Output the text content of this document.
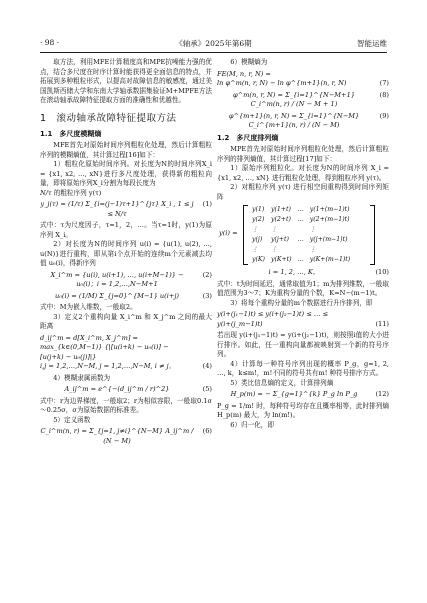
· 98 ·	《轴承》2025年第6期	智能运维

取方法，利用MFE计算精度高和MPE抗噪能力强的优点，结合多尺度在时序计算时能获得更全面信息的特点，并拓展到多种粗粒形式，以提高对故障信息的敏感度，通过美国凯斯西储大学和东南大学轴承数据集验证M+MPFE方法在滚动轴承故障特征提取方面的准确性和优越性。

1　滚动轴承故障特征提取方法
1.1　多尺度模糊熵

MFE首先对原始时间序列粗粒化处理，然后计算粗粒序列的模糊熵值，其计算过程[16]如下：

1）粗粒化原始时间序列。对长度为N的时间序列X_i = {x1, x2, …, xN}进行多尺度处理，获得新的粗粒向量，即将原始序列X_i分割为每段长度为

N/τ 的粗粒序列 y(τ)

y_j(τ) = (1/τ) Σ_{i=(j−1)τ+1}^{jτ} X_i , 1 ≤ j ≤ N/τ
(1)

式中：τ为尺度因子，τ=1，2，…。当τ=1时，y(1)为原序列 X_i。

2）对长度为N的时间序列 u(i) = {u(1), u(2), …, u(N)}进行重构，即从第i个点开始的连续m个元素减去均值 u₀(i)，得新序列

X_i^m = {u(i), u(i+1), …, u(i+M−1)} − u₀(i)；i = 1,2,…,N−M+1
(2)
u₀(i) = (1/M) Σ_{j=0}^{M−1} u(i+j)	(3)

式中：M为嵌入维数，一般取2。

3）定义2个重构向量 X_i^m 和 X_j^m 之间的最大距离

d_ij^m = d[X_i^m, X_j^m] =
max_{k∈(0,M−1)} {|[u(i+k) − u₀(i)] − [u(j+k) − u₀(j)]|}
i,j = 1,2,…,N−M, j = 1,2,…,N−M, i ≠ j。	(4)

4）模糊隶属函数为

A_ij^m = e^{−(d_ij^m / r)^2}	(5)

式中：r为边界梯度，一般取2；r为相似容限，一般取0.1σ～0.25σ，σ为原始数据的标准差。

5）定义函数

C_i^m(n, r) = Σ_{j=1, j≠i}^{N−M} A_ij^m / (N − M)
(6)

6）模糊熵为

FE(M, n, r, N) =
ln φ^m(n, r, N) − ln φ^{m+1}(n, r, N)	(7)
φ^m(n, r, N) = Σ_{i=1}^{N−M+1} C_i^m(n, r) / (N − M + 1)
(8)
φ^{m+1}(n, r, N) = Σ_{i=1}^{N−M} C_i^{m+1}(n, r) / (N − M)
(9)
1.2　多尺度排列熵

MPE首先对原始时间序列粗粒化处理，然后计算粗粒序列的排列熵值，其计算过程[17]如下：

1）原始序列粗粒化。对长度为N的时间序列 X_i = {x1, x2, …, xN} 进行粗粒化处理，得到粗粒序列 y(τ)。

2）对粗粒序列 y(τ) 进行相空间重构得到时间序列矩阵

y(i) =
y(1)	y(1+t)	…	y(1+(m−1)t)
y(2)	y(2+t)	…	y(2+(m−1)t)
⋮	⋮		⋮
y(j)	y(j+t)	…	y(j+(m−1)t)
⋮	⋮		⋮
y(K)	y(K+t)	…	y(K+(m−1)t)
i = 1, 2, …, K，	(10)

式中：t为时间延迟，通常取值为1；m为排列维数，一般取值范围为3～7；K为重构分量的个数，K=N−(m−1)t。

3）将每个重构分量的m个数据进行升序排列，即

y(i+(j₁−1)t) ≤ y(i+(j₂−1)t) ≤ … ≤
y(i+(j_m−1)t)	(11)

若出现 y(i+(j₁−1)t) = y(i+(j₂−1)t)，则按照i值的大小进行排序。如此，任一重构向量都被映射到一个新的符号序列。

4）计算每一种符号序列出现的概率 P_g，g=1, 2, …, k，k≤m!，m!不同的符号共有m! 种符号排序方式。

5）类比信息熵的定义，计算排列熵

H_p(m) = − Σ_{g=1}^{k} P_g ln P_g	(12)

P_g = 1/m! 时，每种符号均存在且概率相等，此时排列熵 H_p(m) 最大，为 ln(m!)。

6）归一化，即
